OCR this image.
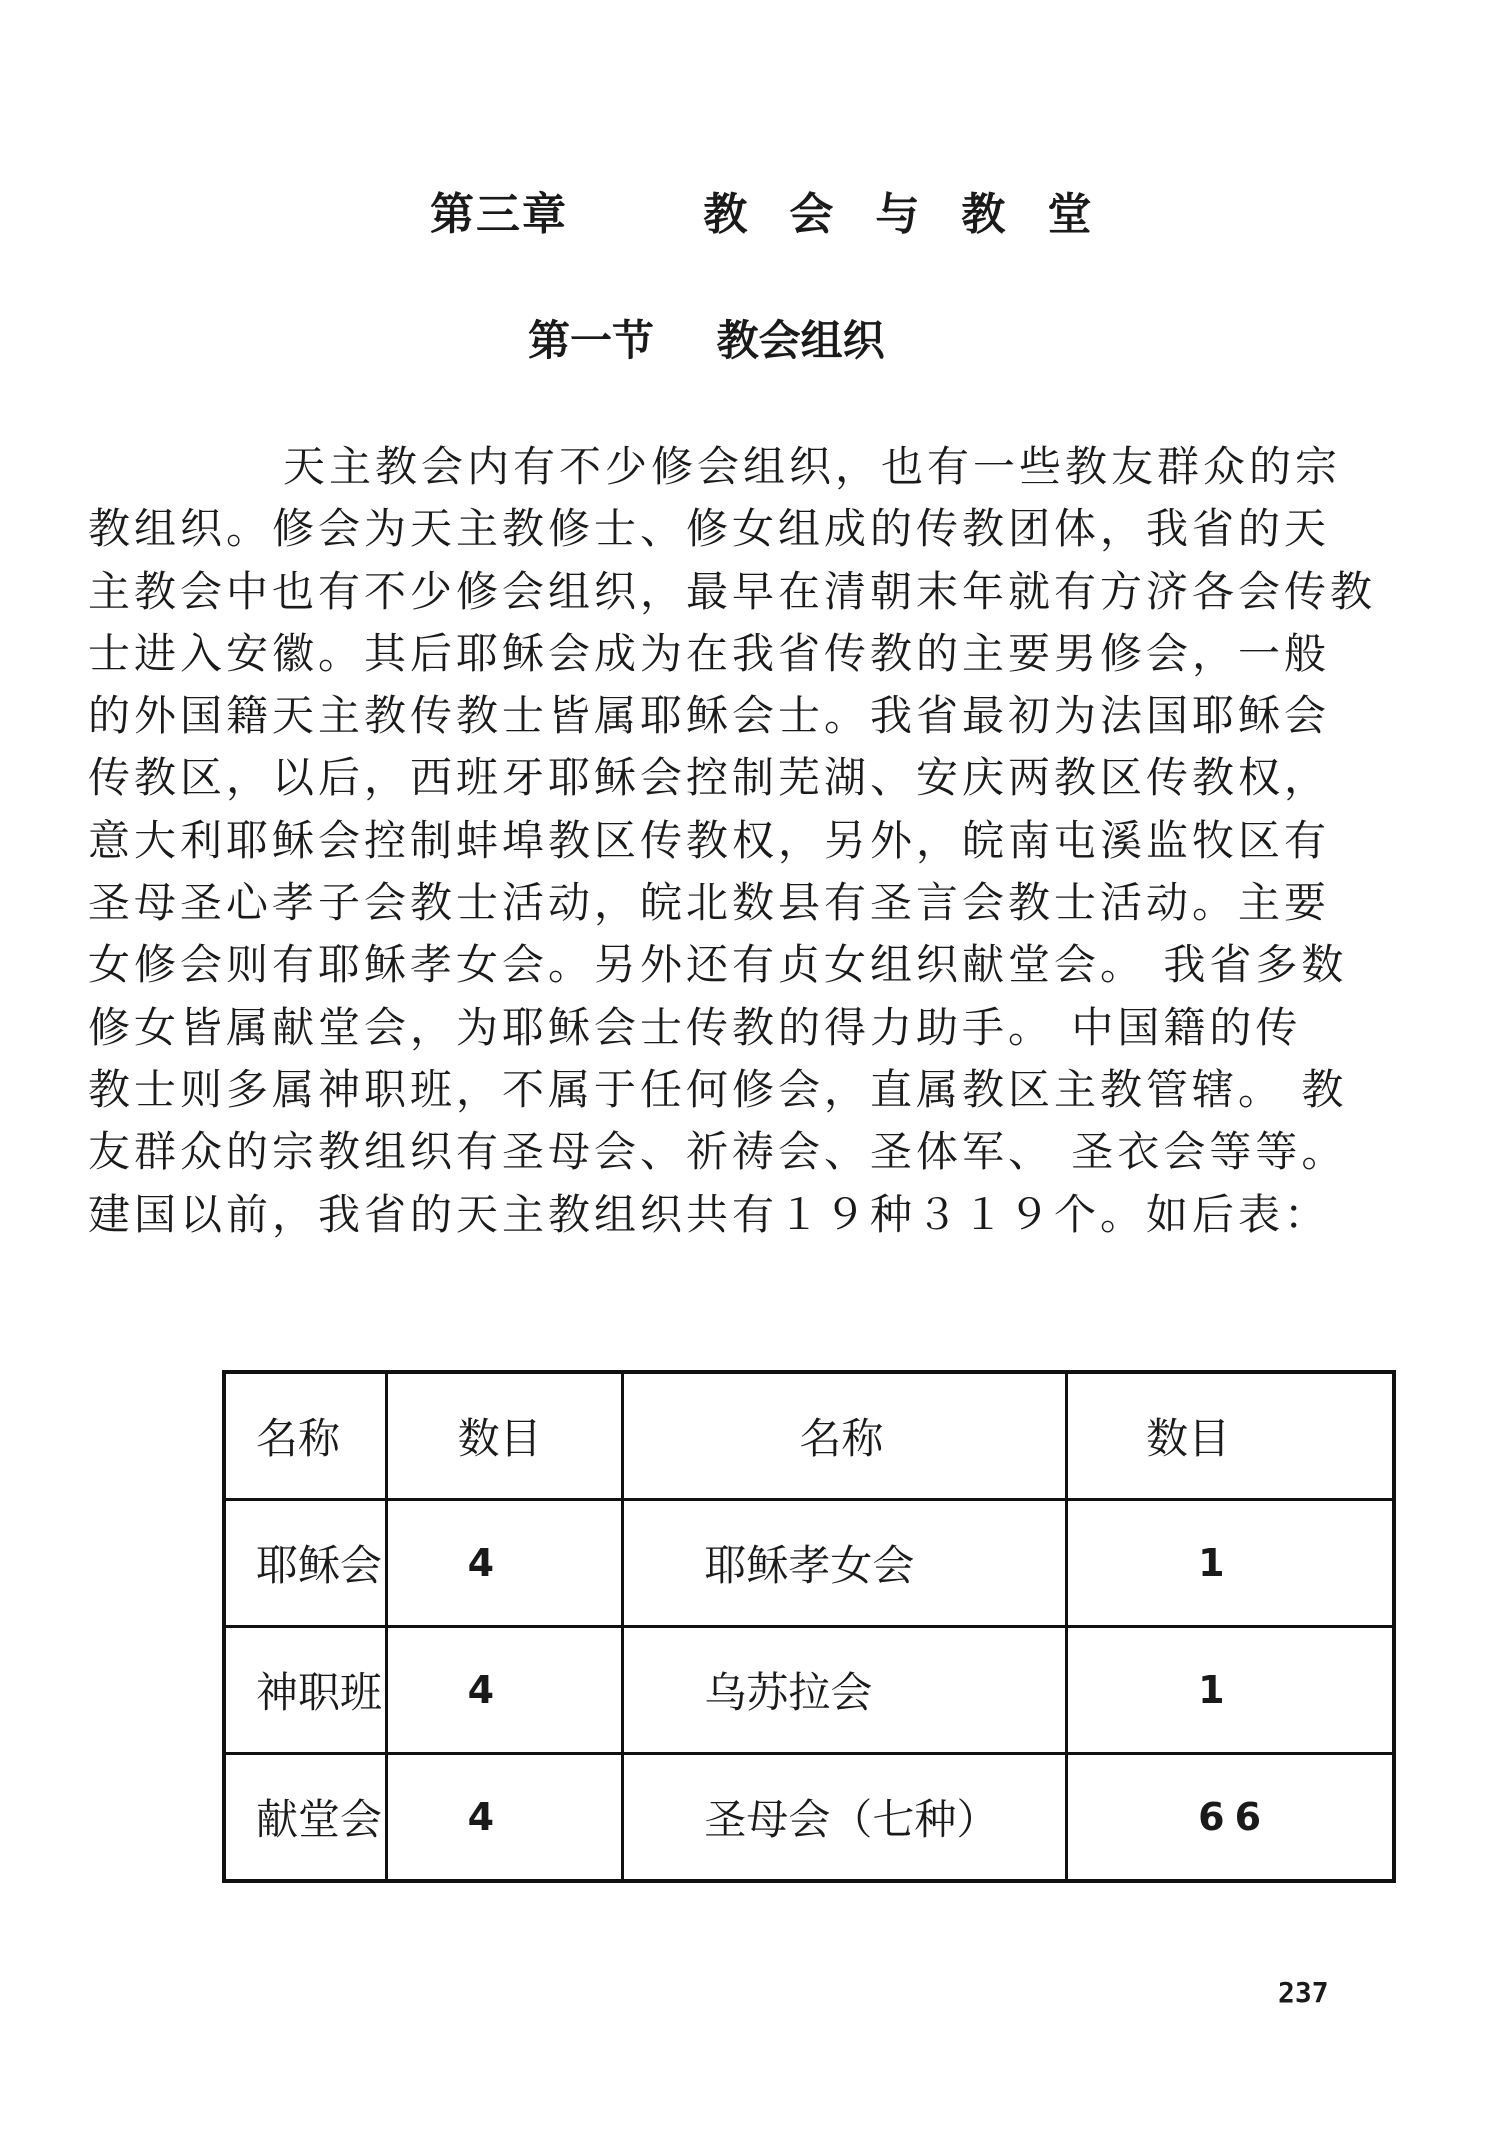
第三章	教会与教堂
第一节 教会组织
天主教会内有不少修会组织，也有一些教友群众的宗
教组织。修会为天主教修士、修女组成的传教团体，我省的天
主教会中也有不少修会组织，最早在清朝末年就有方济各会传教
士进入安徽。其后耶稣会成为在我省传教的主要男修会，一般
的外国籍天主教传教士皆属耶稣会士。我省最初为法国耶稣会
传教区，以后，西班牙耶稣会控制芜湖、安庆两教区传教权，
意大利耶稣会控制蚌埠教区传教权，另外，皖南屯溪监牧区有
圣母圣心孝子会教士活动，皖北数县有圣言会教士活动。主要
女修会则有耶稣孝女会。另外还有贞女组织献堂会。 我省多数
修女皆属献堂会，为耶稣会士传教的得力助手。 中国籍的传
教士则多属神职班，不属于任何修会，直属教区主教管辖。 教
友群众的宗教组织有圣母会、祈祷会、圣体军、 圣衣会等等。
建国以前，我省的天主教组织共有１９种３１９个。如后表：
名称	数目	名称	数目
耶稣会	4	耶稣孝女会	1
神职班	4	乌苏拉会	1
献堂会	4	圣母会（七种）	66
237
